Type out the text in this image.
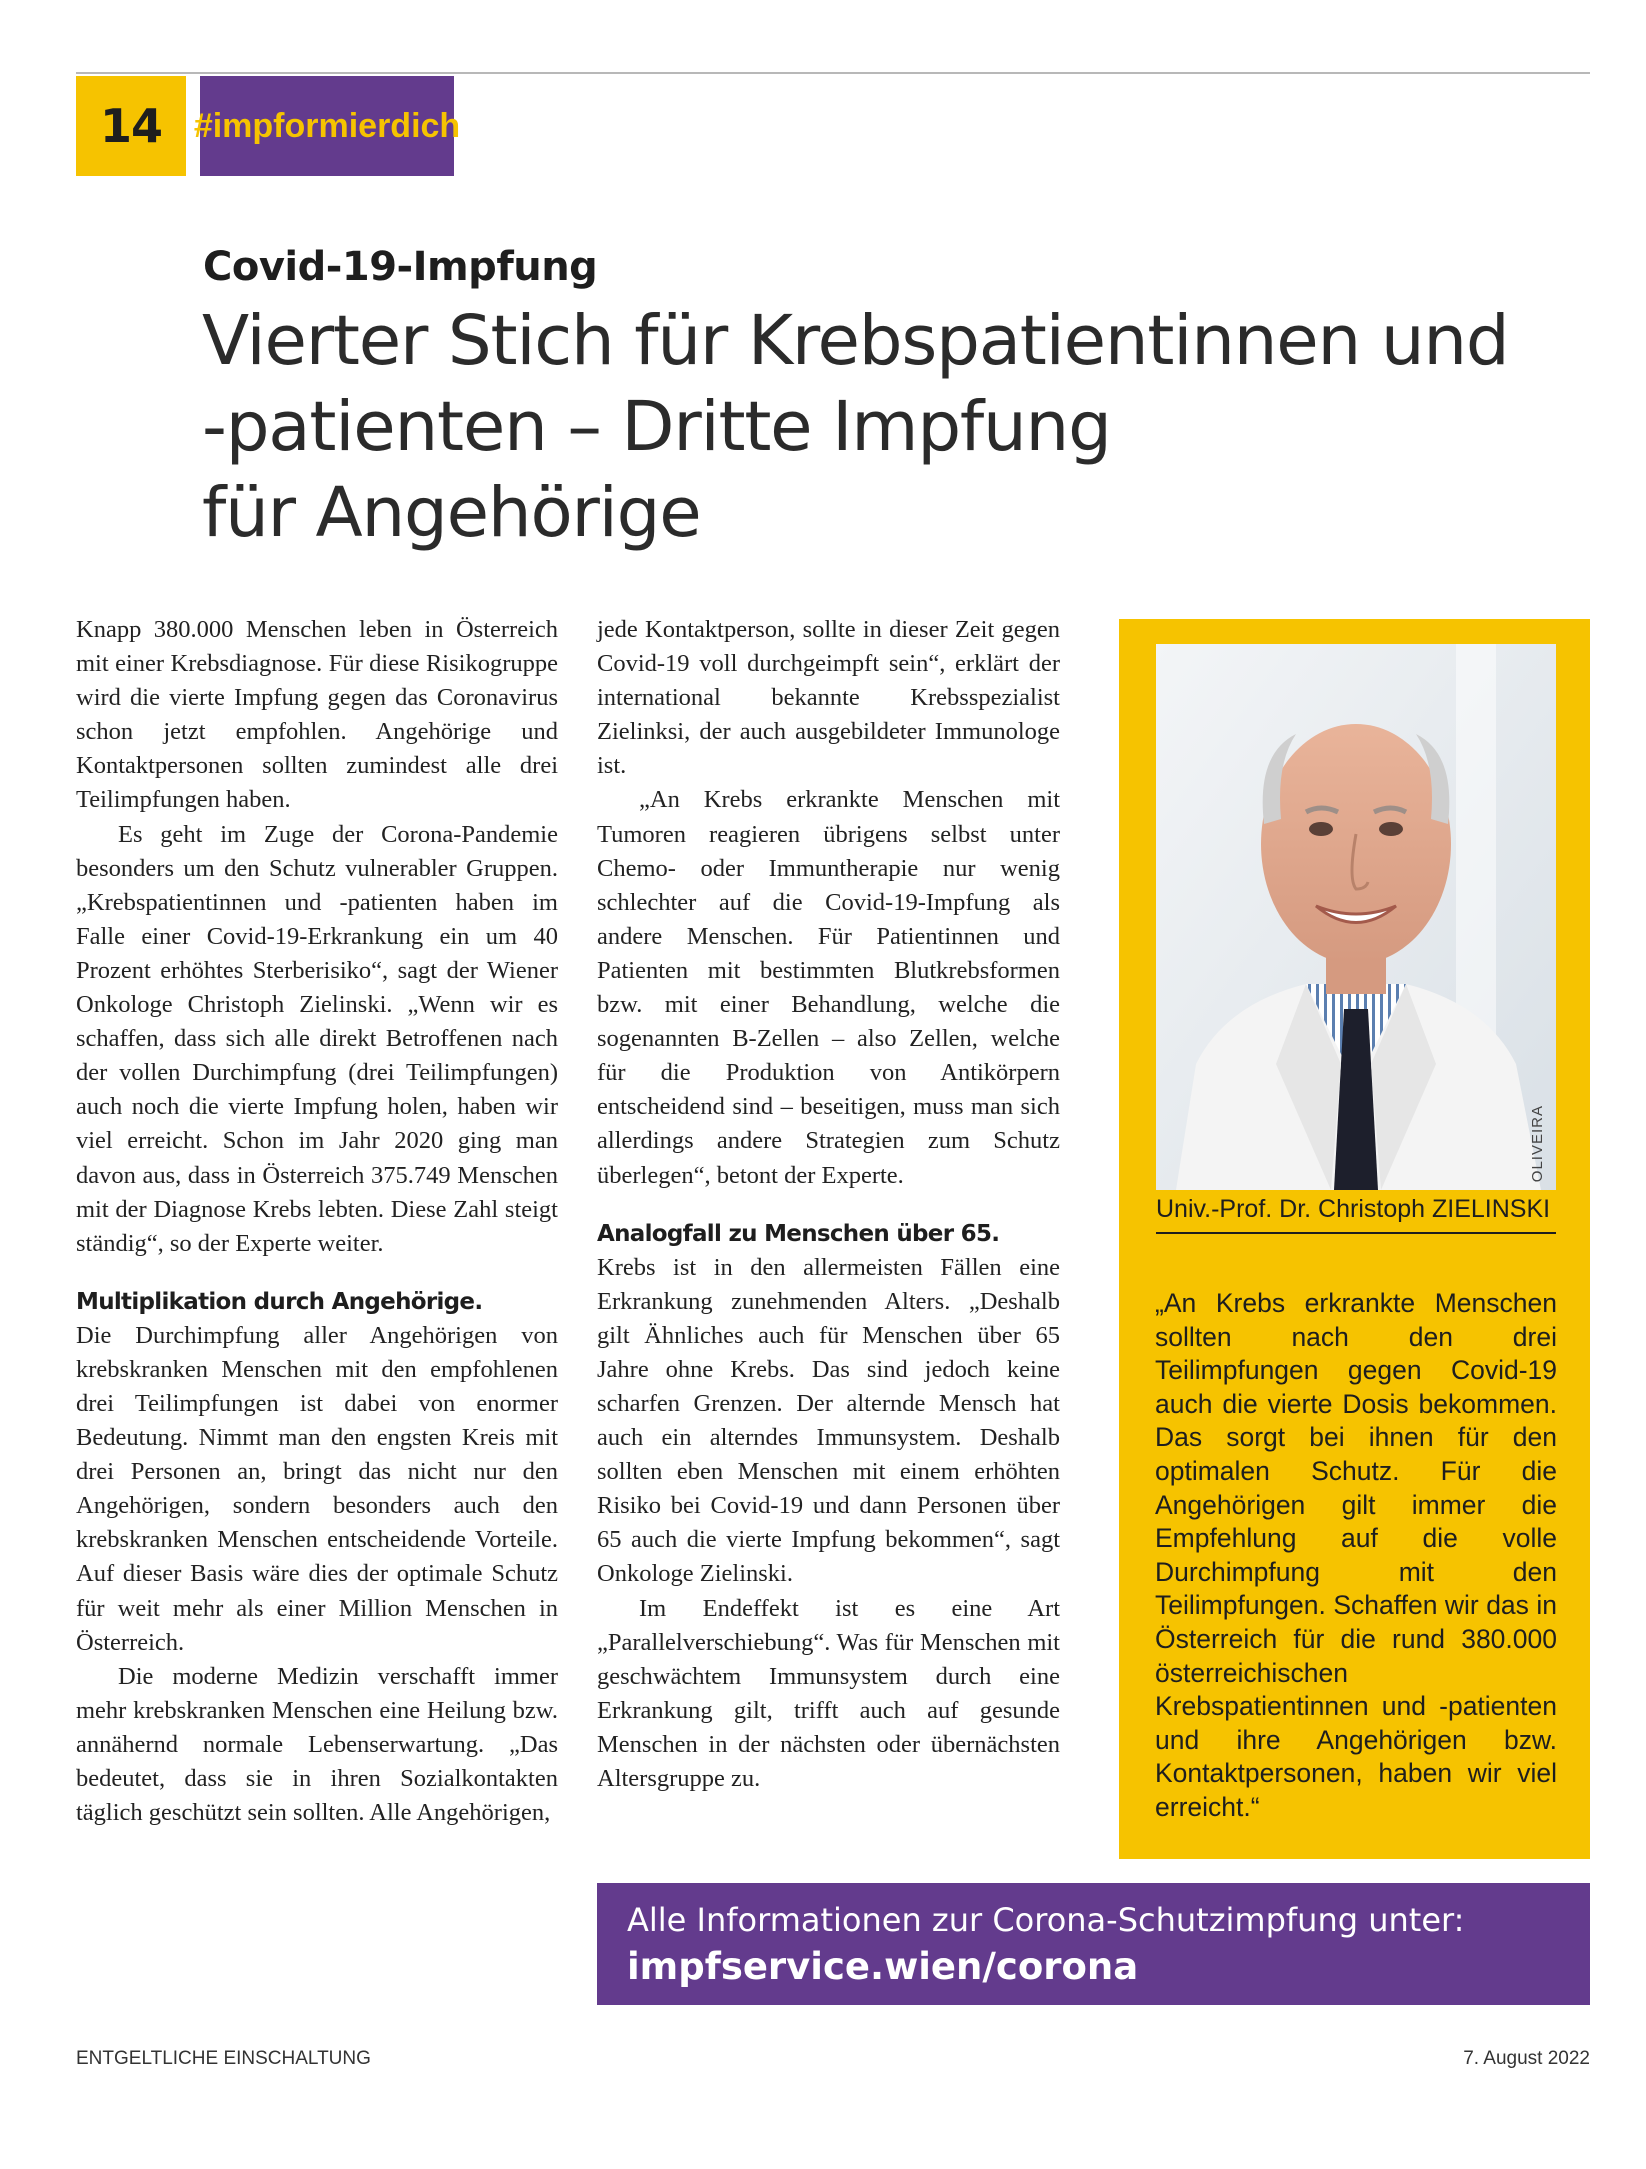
14 #impformierdich
Covid-19-Impfung
Vierter Stich für Krebspatientinnen und
-patienten – Dritte Impfung
für Angehörige

Knapp 380.000 Menschen leben in Österreich mit einer Krebsdiagnose. Für diese Risikogruppe wird die vierte Impfung gegen das Coronavirus schon jetzt empfohlen. Angehörige und Kontaktpersonen sollten zumindest alle drei Teilimpfungen haben.

Es geht im Zuge der Corona-Pandemie besonders um den Schutz vulnerabler Gruppen. „Krebspatientinnen und -patienten haben im Falle einer Covid-19-Erkrankung ein um 40 Prozent erhöhtes Sterberisiko“, sagt der Wiener Onkologe Christoph Zielinski. „Wenn wir es schaffen, dass sich alle direkt Betroffenen nach der vollen Durchimpfung (drei Teilimpfungen) auch noch die vierte Impfung holen, haben wir viel erreicht. Schon im Jahr 2020 ging man davon aus, dass in Österreich 375.749 Menschen mit der Diagnose Krebs lebten. Diese Zahl steigt ständig“, so der Experte weiter.

Multiplikation durch Angehörige.

Die Durchimpfung aller Angehörigen von krebskranken Menschen mit den empfohlenen drei Teilimpfungen ist dabei von enormer Bedeutung. Nimmt man den engsten Kreis mit drei Personen an, bringt das nicht nur den Angehörigen, sondern besonders auch den krebskranken Menschen entscheidende Vorteile. Auf dieser Basis wäre dies der optimale Schutz für weit mehr als einer Million Menschen in Österreich.

Die moderne Medizin verschafft immer mehr krebskranken Menschen eine Heilung bzw. annähernd normale Lebenserwartung. „Das bedeutet, dass sie in ihren Sozialkontakten täglich geschützt sein sollten. Alle Angehörigen,

jede Kontaktperson, sollte in dieser Zeit gegen Covid-19 voll durchgeimpft sein“, erklärt der international bekannte Krebsspezialist Zielinksi, der auch ausgebildeter Immunologe ist.

„An Krebs erkrankte Menschen mit Tumoren reagieren übrigens selbst unter Chemo- oder Immuntherapie nur wenig schlechter auf die Covid-19-Impfung als andere Menschen. Für Patientinnen und Patienten mit bestimmten Blutkrebsformen bzw. mit einer Behandlung, welche die sogenannten B-Zellen – also Zellen, welche für die Produktion von Antikörpern entscheidend sind – beseitigen, muss man sich allerdings andere Strategien zum Schutz überlegen“, betont der Experte.

Analogfall zu Menschen über 65.

Krebs ist in den allermeisten Fällen eine Erkrankung zunehmenden Alters. „Deshalb gilt Ähnliches auch für Menschen über 65 Jahre ohne Krebs. Das sind jedoch keine scharfen Grenzen. Der alternde Mensch hat auch ein alterndes Immunsystem. Deshalb sollten eben Menschen mit einem erhöhten Risiko bei Covid-19 und dann Personen über 65 auch die vierte Impfung bekommen“, sagt Onkologe Zielinski.

Im Endeffekt ist es eine Art „Parallelverschiebung“. Was für Menschen mit geschwächtem Immunsystem durch eine Erkrankung gilt, trifft auch auf gesunde Menschen in der nächsten oder übernächsten Altersgruppe zu.

OLIVEIRA
Univ.-Prof. Dr. Christoph ZIELINSKI
„An Krebs erkrankte Menschen sollten nach den drei Teilimpfungen gegen Covid-19 auch die vierte Dosis bekommen. Das sorgt bei ihnen für den optimalen Schutz. Für die Angehörigen gilt immer die Empfehlung auf die volle Durchimpfung mit den Teilimpfungen. Schaffen wir das in Österreich für die rund 380.000 österreichischen Krebspatientinnen und -patienten und ihre Angehörigen bzw. Kontaktpersonen, haben wir viel erreicht.“
Alle Informationen zur Corona-Schutzimpfung unter:
impfservice.wien/corona
ENTGELTLICHE EINSCHALTUNG	7. August 2022
